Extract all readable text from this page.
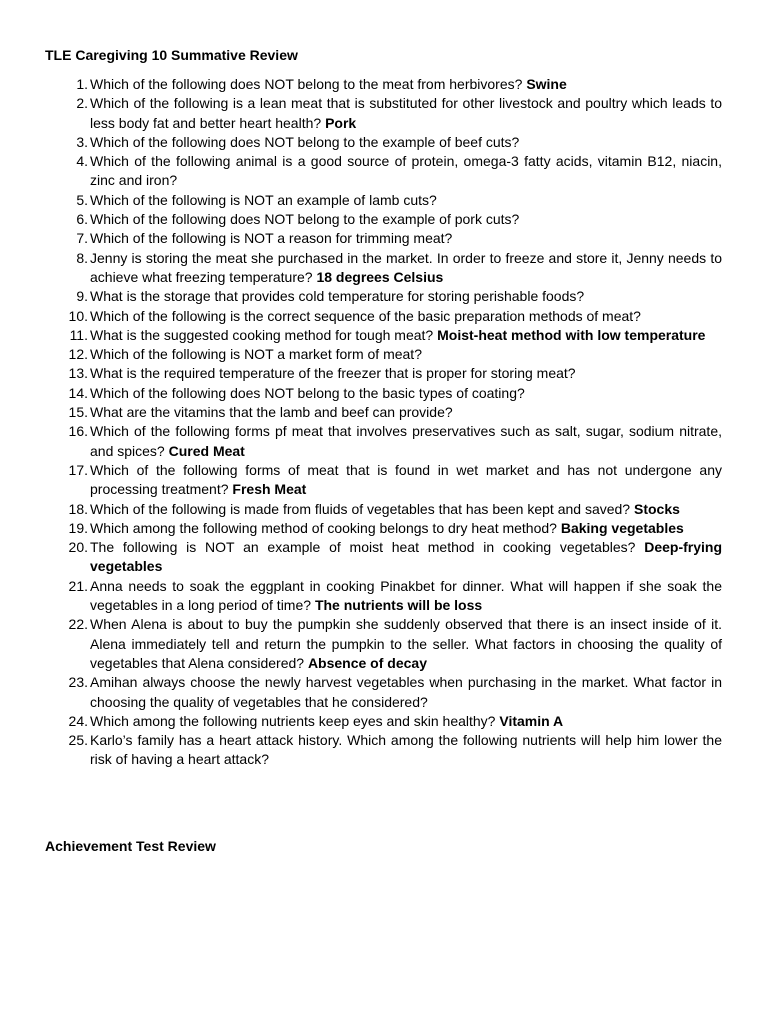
TLE Caregiving 10 Summative Review
1. Which of the following does NOT belong to the meat from herbivores? Swine
2. Which of the following is a lean meat that is substituted for other livestock and poultry which leads to less body fat and better heart health? Pork
3. Which of the following does NOT belong to the example of beef cuts?
4. Which of the following animal is a good source of protein, omega-3 fatty acids, vitamin B12, niacin, zinc and iron?
5. Which of the following is NOT an example of lamb cuts?
6. Which of the following does NOT belong to the example of pork cuts?
7. Which of the following is NOT a reason for trimming meat?
8. Jenny is storing the meat she purchased in the market. In order to freeze and store it, Jenny needs to achieve what freezing temperature? 18 degrees Celsius
9. What is the storage that provides cold temperature for storing perishable foods?
10. Which of the following is the correct sequence of the basic preparation methods of meat?
11. What is the suggested cooking method for tough meat? Moist-heat method with low temperature
12. Which of the following is NOT a market form of meat?
13. What is the required temperature of the freezer that is proper for storing meat?
14. Which of the following does NOT belong to the basic types of coating?
15. What are the vitamins that the lamb and beef can provide?
16. Which of the following forms pf meat that involves preservatives such as salt, sugar, sodium nitrate, and spices? Cured Meat
17. Which of the following forms of meat that is found in wet market and has not undergone any processing treatment? Fresh Meat
18. Which of the following is made from fluids of vegetables that has been kept and saved? Stocks
19. Which among the following method of cooking belongs to dry heat method? Baking vegetables
20. The following is NOT an example of moist heat method in cooking vegetables? Deep-frying vegetables
21. Anna needs to soak the eggplant in cooking Pinakbet for dinner. What will happen if she soak the vegetables in a long period of time? The nutrients will be loss
22. When Alena is about to buy the pumpkin she suddenly observed that there is an insect inside of it. Alena immediately tell and return the pumpkin to the seller. What factors in choosing the quality of vegetables that Alena considered? Absence of decay
23. Amihan always choose the newly harvest vegetables when purchasing in the market. What factor in choosing the quality of vegetables that he considered?
24. Which among the following nutrients keep eyes and skin healthy? Vitamin A
25. Karlo’s family has a heart attack history. Which among the following nutrients will help him lower the risk of having a heart attack?
Achievement Test Review
